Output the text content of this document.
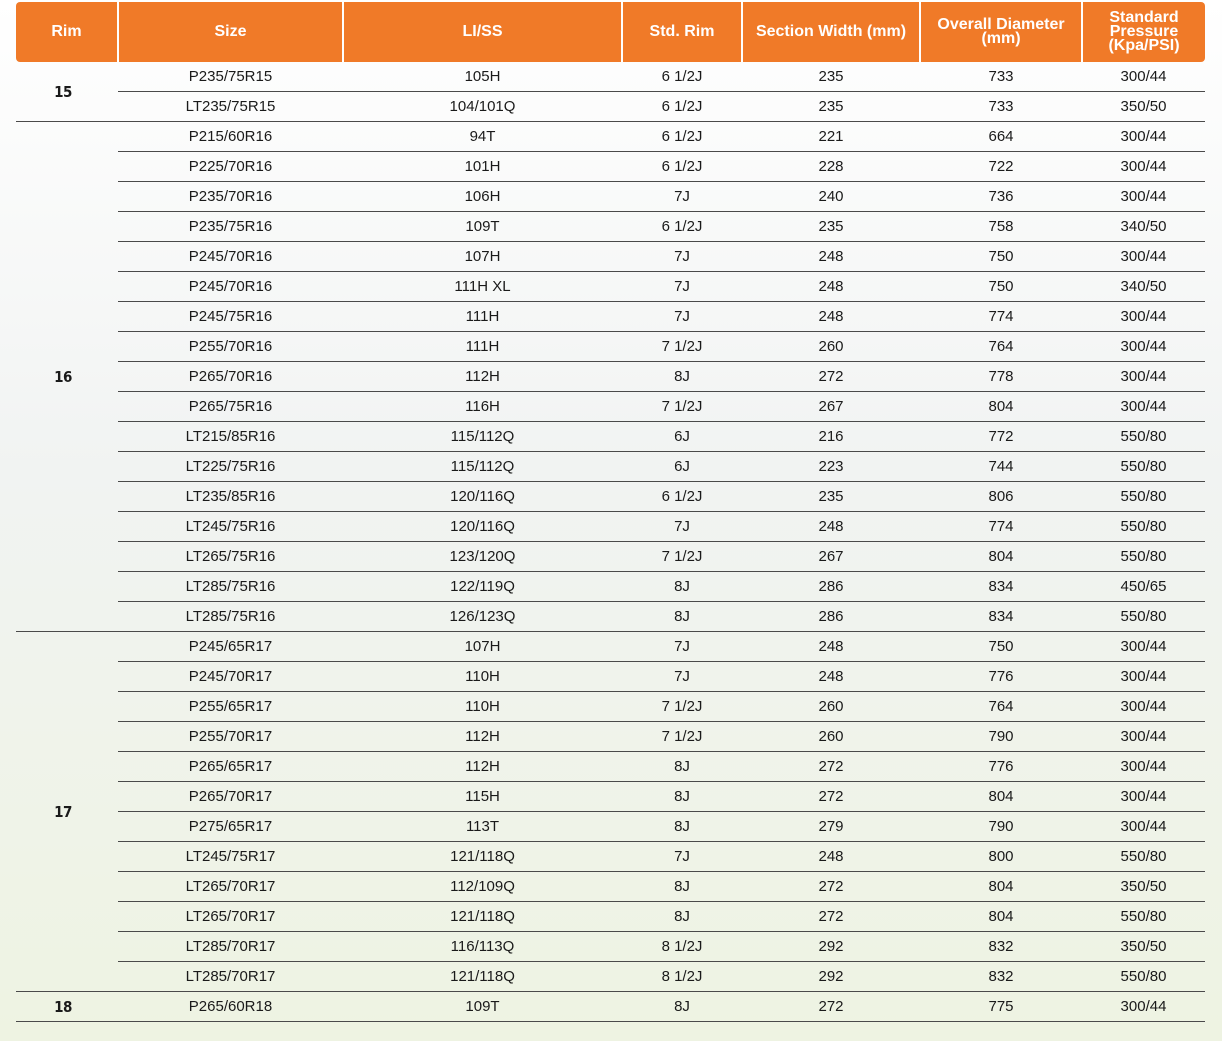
Rim	Size	LI/SS	Std. Rim	Section Width (mm)	Overall Diameter (mm)	Standard Pressure (Kpa/PSI)
15	P235/75R15	105H	6 1/2J	235	733	300/44
	LT235/75R15	104/101Q	6 1/2J	235	733	350/50
16	P215/60R16	94T	6 1/2J	221	664	300/44
	P225/70R16	101H	6 1/2J	228	722	300/44
	P235/70R16	106H	7J	240	736	300/44
	P235/75R16	109T	6 1/2J	235	758	340/50
	P245/70R16	107H	7J	248	750	300/44
	P245/70R16	111H XL	7J	248	750	340/50
	P245/75R16	111H	7J	248	774	300/44
	P255/70R16	111H	7 1/2J	260	764	300/44
	P265/70R16	112H	8J	272	778	300/44
	P265/75R16	116H	7 1/2J	267	804	300/44
	LT215/85R16	115/112Q	6J	216	772	550/80
	LT225/75R16	115/112Q	6J	223	744	550/80
	LT235/85R16	120/116Q	6 1/2J	235	806	550/80
	LT245/75R16	120/116Q	7J	248	774	550/80
	LT265/75R16	123/120Q	7 1/2J	267	804	550/80
	LT285/75R16	122/119Q	8J	286	834	450/65
	LT285/75R16	126/123Q	8J	286	834	550/80
17	P245/65R17	107H	7J	248	750	300/44
	P245/70R17	110H	7J	248	776	300/44
	P255/65R17	110H	7 1/2J	260	764	300/44
	P255/70R17	112H	7 1/2J	260	790	300/44
	P265/65R17	112H	8J	272	776	300/44
	P265/70R17	115H	8J	272	804	300/44
	P275/65R17	113T	8J	279	790	300/44
	LT245/75R17	121/118Q	7J	248	800	550/80
	LT265/70R17	112/109Q	8J	272	804	350/50
	LT265/70R17	121/118Q	8J	272	804	550/80
	LT285/70R17	116/113Q	8 1/2J	292	832	350/50
	LT285/70R17	121/118Q	8 1/2J	292	832	550/80
18	P265/60R18	109T	8J	272	775	300/44
